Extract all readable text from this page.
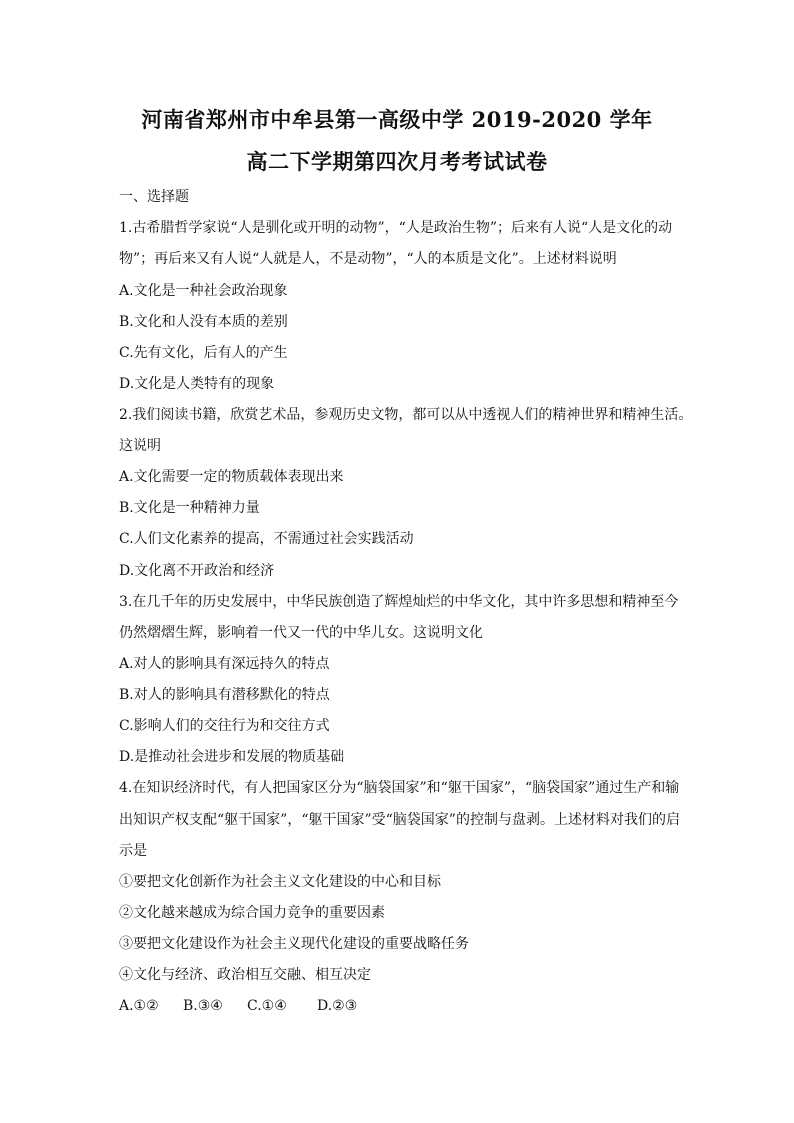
河南省郑州市中牟县第一高级中学 2019-2020 学年
高二下学期第四次月考考试试卷
一、选择题
1.古希腊哲学家说“人是驯化或开明的动物”，“人是政治生物”；后来有人说“人是文化的动
物”；再后来又有人说“人就是人，不是动物”，“人的本质是文化”。上述材料说明
A.文化是一种社会政治现象
B.文化和人没有本质的差别
C.先有文化，后有人的产生
D.文化是人类特有的现象
2.我们阅读书籍，欣赏艺术品，参观历史文物，都可以从中透视人们的精神世界和精神生活。
这说明
A.文化需要一定的物质载体表现出来
B.文化是一种精神力量
C.人们文化素养的提高，不需通过社会实践活动
D.文化离不开政治和经济
3.在几千年的历史发展中，中华民族创造了辉煌灿烂的中华文化，其中许多思想和精神至今
仍然熠熠生辉，影响着一代又一代的中华儿女。这说明文化
A.对人的影响具有深远持久的特点
B.对人的影响具有潜移默化的特点
C.影响人们的交往行为和交往方式
D.是推动社会进步和发展的物质基础
4.在知识经济时代，有人把国家区分为“脑袋国家”和“躯干国家”，“脑袋国家”通过生产和输
出知识产权支配“躯干国家”，“躯干国家”受“脑袋国家”的控制与盘剥。上述材料对我们的启
示是
①要把文化创新作为社会主义文化建设的中心和目标
②文化越来越成为综合国力竞争的重要因素
③要把文化建设作为社会主义现代化建设的重要战略任务
④文化与经济、政治相互交融、相互决定
A.①② B.③④ C.①④ D.②③
